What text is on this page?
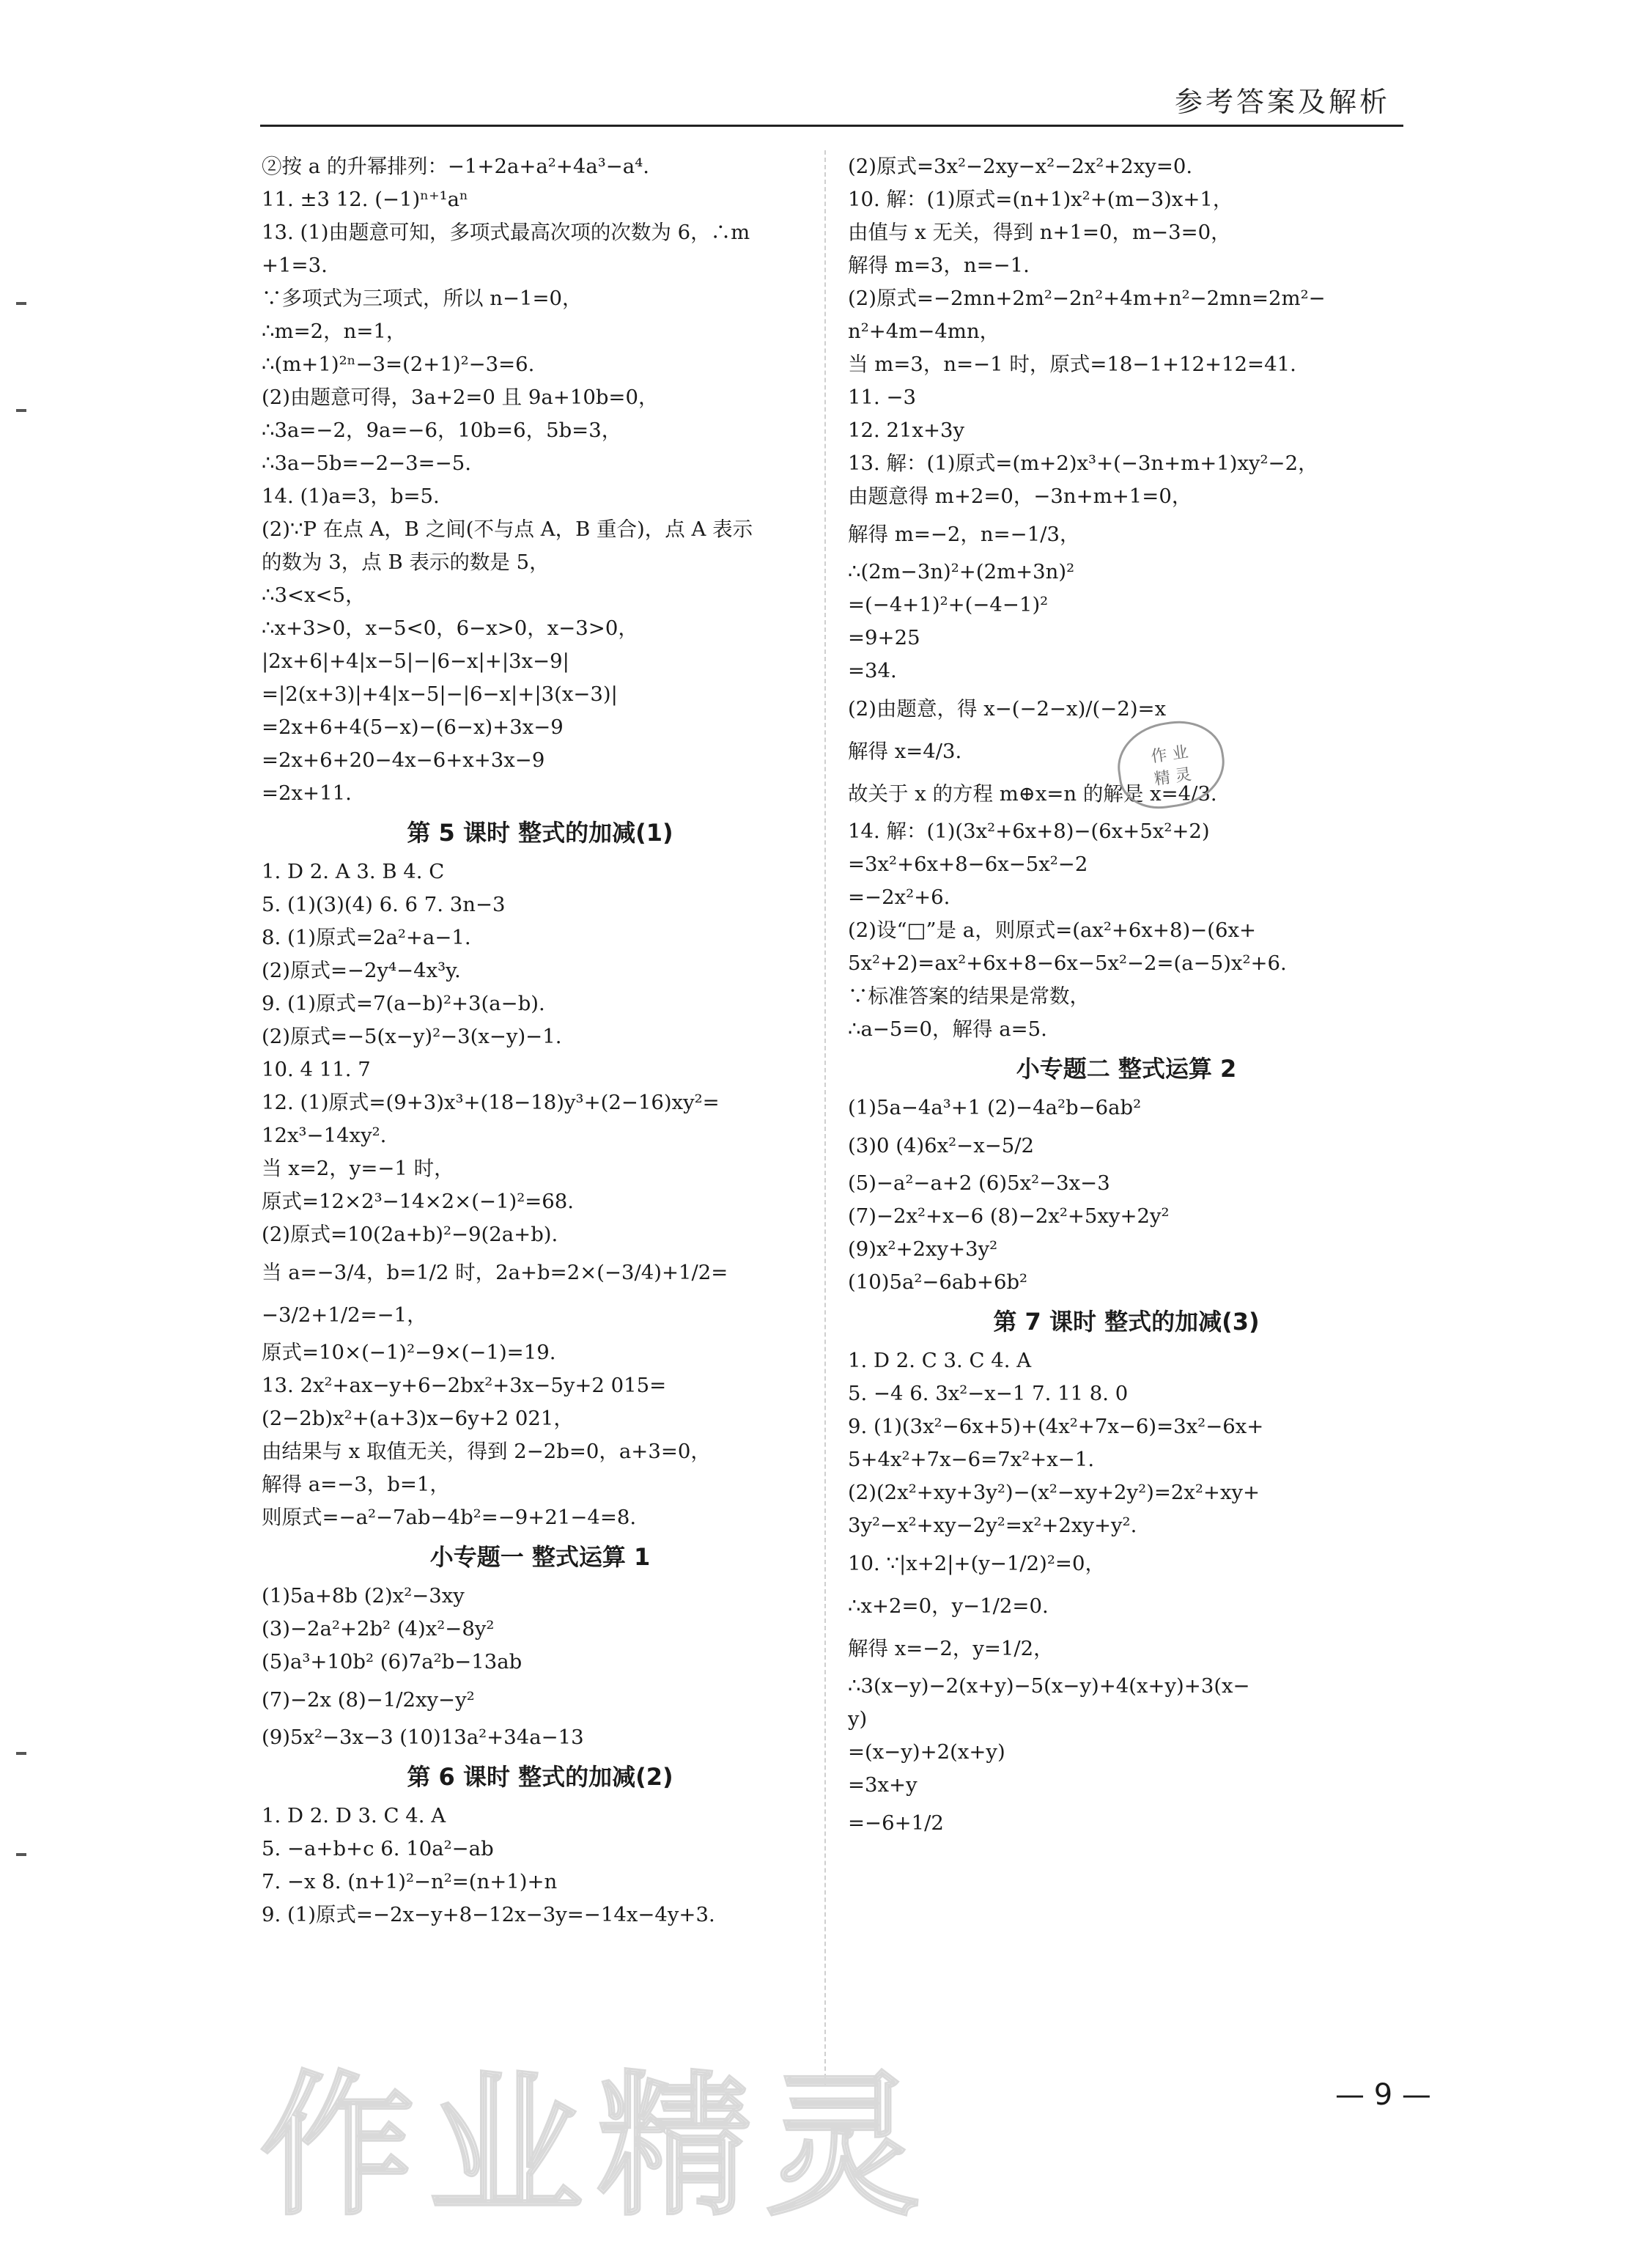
参考答案及解析
②按 a 的升幂排列：−1+2a+a²+4a³−a⁴.
11. ±3 12. (−1)ⁿ⁺¹aⁿ
13. (1)由题意可知，多项式最高次项的次数为 6，∴m
+1=3.
∵多项式为三项式，所以 n−1=0，
∴m=2，n=1，
∴(m+1)²ⁿ−3=(2+1)²−3=6.
(2)由题意可得，3a+2=0 且 9a+10b=0，
∴3a=−2，9a=−6，10b=6，5b=3，
∴3a−5b=−2−3=−5.
14. (1)a=3，b=5.
(2)∵P 在点 A，B 之间(不与点 A，B 重合)，点 A 表示
的数为 3，点 B 表示的数是 5，
∴3<x<5，
∴x+3>0，x−5<0，6−x>0，x−3>0，
|2x+6|+4|x−5|−|6−x|+|3x−9|
=|2(x+3)|+4|x−5|−|6−x|+|3(x−3)|
=2x+6+4(5−x)−(6−x)+3x−9
=2x+6+20−4x−6+x+3x−9
=2x+11.
第 5 课时 整式的加减(1)
1. D 2. A 3. B 4. C
5. (1)(3)(4) 6. 6 7. 3n−3
8. (1)原式=2a²+a−1.
(2)原式=−2y⁴−4x³y.
9. (1)原式=7(a−b)²+3(a−b).
(2)原式=−5(x−y)²−3(x−y)−1.
10. 4 11. 7
12. (1)原式=(9+3)x³+(18−18)y³+(2−16)xy²=
12x³−14xy².
当 x=2，y=−1 时，
原式=12×2³−14×2×(−1)²=68.
(2)原式=10(2a+b)²−9(2a+b).
当 a=−3/4，b=1/2 时，2a+b=2×(−3/4)+1/2=
−3/2+1/2=−1，
原式=10×(−1)²−9×(−1)=19.
13. 2x²+ax−y+6−2bx²+3x−5y+2 015=
(2−2b)x²+(a+3)x−6y+2 021，
由结果与 x 取值无关，得到 2−2b=0，a+3=0，
解得 a=−3，b=1，
则原式=−a²−7ab−4b²=−9+21−4=8.
小专题一 整式运算 1
(1)5a+8b (2)x²−3xy
(3)−2a²+2b² (4)x²−8y²
(5)a³+10b² (6)7a²b−13ab
(7)−2x (8)−1/2xy−y²
(9)5x²−3x−3 (10)13a²+34a−13
第 6 课时 整式的加减(2)
1. D 2. D 3. C 4. A
5. −a+b+c 6. 10a²−ab
7. −x 8. (n+1)²−n²=(n+1)+n
9. (1)原式=−2x−y+8−12x−3y=−14x−4y+3.
(2)原式=3x²−2xy−x²−2x²+2xy=0.
10. 解：(1)原式=(n+1)x²+(m−3)x+1，
由值与 x 无关，得到 n+1=0，m−3=0，
解得 m=3，n=−1.
(2)原式=−2mn+2m²−2n²+4m+n²−2mn=2m²−
n²+4m−4mn，
当 m=3，n=−1 时，原式=18−1+12+12=41.
11. −3
12. 21x+3y
13. 解：(1)原式=(m+2)x³+(−3n+m+1)xy²−2，
由题意得 m+2=0，−3n+m+1=0，
解得 m=−2，n=−1/3，
∴(2m−3n)²+(2m+3n)²
=(−4+1)²+(−4−1)²
=9+25
=34.
(2)由题意，得 x−(−2−x)/(−2)=x
解得 x=4/3.
故关于 x 的方程 m⊕x=n 的解是 x=4/3.
14. 解：(1)(3x²+6x+8)−(6x+5x²+2)
=3x²+6x+8−6x−5x²−2
=−2x²+6.
(2)设“□”是 a，则原式=(ax²+6x+8)−(6x+
5x²+2)=ax²+6x+8−6x−5x²−2=(a−5)x²+6.
∵标准答案的结果是常数，
∴a−5=0，解得 a=5.
小专题二 整式运算 2
(1)5a−4a³+1 (2)−4a²b−6ab²
(3)0 (4)6x²−x−5/2
(5)−a²−a+2 (6)5x²−3x−3
(7)−2x²+x−6 (8)−2x²+5xy+2y²
(9)x²+2xy+3y²
(10)5a²−6ab+6b²
第 7 课时 整式的加减(3)
1. D 2. C 3. C 4. A
5. −4 6. 3x²−x−1 7. 11 8. 0
9. (1)(3x²−6x+5)+(4x²+7x−6)=3x²−6x+
5+4x²+7x−6=7x²+x−1.
(2)(2x²+xy+3y²)−(x²−xy+2y²)=2x²+xy+
3y²−x²+xy−2y²=x²+2xy+y².
10. ∵|x+2|+(y−1/2)²=0，
∴x+2=0，y−1/2=0.
解得 x=−2，y=1/2，
∴3(x−y)−2(x+y)−5(x−y)+4(x+y)+3(x−
y)
=(x−y)+2(x+y)
=3x+y
=−6+1/2
作 业
精 灵
— 9 —
作业精灵
